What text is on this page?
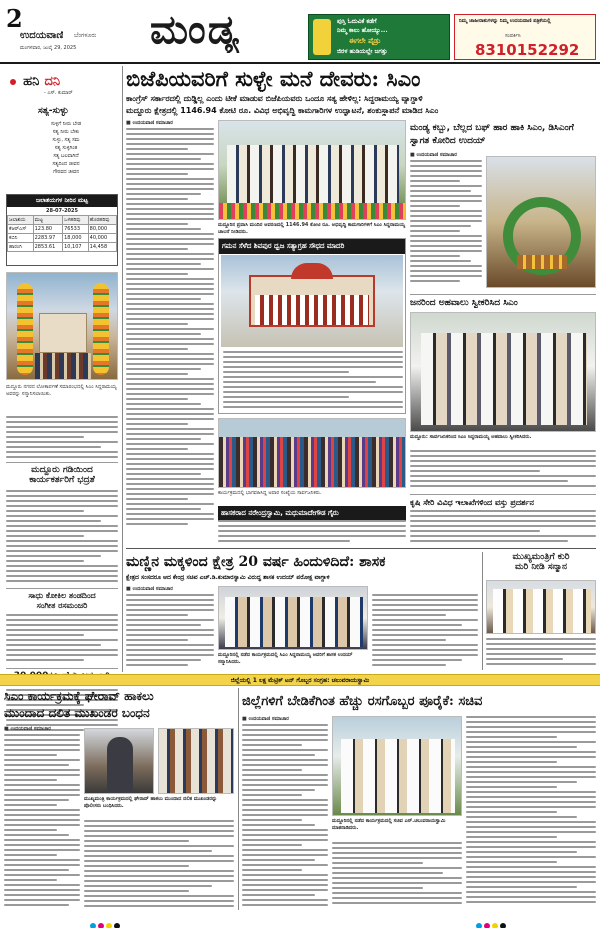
2
ಉದಯವಾಣಿ ಬೆಂಗಳೂರು
ಮಂಗಳವಾರ, ಜುಲೈ 29, 2025 ಮಂಡ್ಯ	ಪುಸ್ತಿ ಓದುವಿಕೆ ಕಡೆಗೆ
ನಿಮ್ಮ ಕಾಲು ಹೋಯ್ಯು...
ಈಗಲೇ ಪೈಡ್ರು
ಜಿರಳ ಹುಡಿಯಲ್ಲೇ ಜಗತ್ತು
ನಿಮ್ಮ ಜಾಹೀರಾತುಗಳನ್ನು ನಿಮ್ಮ ಉದಯವಾಣಿ ಪತ್ರಿಕೆಯಲ್ಲಿ
ಸಂಪರ್ಕಿಸಿ
8310152292
ಹನಿ ದನಿ
- ಎಸ್. ಕುಮಾರ್
ಸತ್ಯ-ಸುಳ್ಳು
ಸುಳ್ಳಿಗೆ ನೀರು ಬೇಡ
ಸತ್ಯ ನೀರು ಬೇಕು
ಸುಳ್ಳು, ಸತ್ಯ ಸಮ
ಸತ್ಯ ಸುಳ್ಳಿಗಿಂತ
ಸತ್ಯ ಬಲವಾಗಿದೆ
ಸತ್ಯದಿಂದ ಜೀವನ
ಗೌರವದ ಜೀವನ
ಜಲಾಶಯಗಳ ನೀರಿನ ಮಟ್ಟ
28-07-2025
ಜಲಾಶಯ	ಮಟ್ಟ	ಒಳಹರಿವು	ಹೊರಹರಿವು
ಕೆಆರ್‌ಎಸ್	123.80	76533	80,000
ಕಬಿನಿ	2283.97	18,000	40,000
ಹಾರಂಗಿ	2853.61	10,107	14,458
ಮದ್ದೂರು ನಗರದ ಲೋಕಾರ್ಪಣೆ ಸಮಾರಂಭದಲ್ಲಿ ಸಿಎಂ ಸಿದ್ದರಾಮಯ್ಯ ಅವರನ್ನು ಸನ್ಮಾನಿಸಲಾಯಿತು.
ಮದ್ದೂರು ಗಡಿಯಿಂದ
ಕಾರ್ಯಕರ್ತರಿಗೆ ಭದ್ರತೆ
ಸಾಧು ಕೋಕಿಲ ತಂಡದಿಂದ
ಸಂಗೀತ ರಸಮಂಜರಿ
ಬಿಜೆಪಿಯವರಿಗೆ ಸುಳ್ಳೇ ಮನೆ ದೇವರು: ಸಿಎಂ
ಕಾಂಗ್ರೆಸ್ ಸರ್ಕಾರದಲ್ಲಿ ದುಡ್ಡಿಲ್ಲ ಎಂದು ಟೀಕೆ ಮಾಡುವ ಬಿಜೆಪಿಯವರು ಒಂದೂ ಸತ್ಯ ಹೇಳಿಲ್ಲ: ಸಿದ್ದರಾಮಯ್ಯ ವ್ಯಾಗ್ದಾಳಿ
ಮದ್ದೂರು ಕ್ಷೇತ್ರದಲ್ಲಿ 1146.94 ಕೋಟಿ ರೂ. ವಿವಿಧ ಅಭಿವೃದ್ಧಿ ಕಾಮಗಾರಿಗಳ ಉದ್ಘಾಟನೆ, ಶಂಕುಸ್ಥಾಪನೆ ಮಾಡಿದ ಸಿಎಂ
■ ಉದಯವಾಣಿ ಸಮಾಚಾರ
ಮದ್ದೂರಿನ ಪ್ರವಾಸಿ ಮಂದಿರ ಆವರಣದಲ್ಲಿ 1146.94 ಕೋಟಿ ರೂ. ಅಭಿವೃದ್ಧಿ ಕಾಮಗಾರಿಗಳಿಗೆ ಸಿಎಂ ಸಿದ್ದರಾಮಯ್ಯ ಚಾಲನೆ ನೀಡಿದರು.
ಗಮನ ಸೆಳೆದ ಶಿವಪುರ ಧ್ವಜ ಸತ್ಯಾಗ್ರಹ ಸೌಧದ ಮಾದರಿ
ಕಾರ್ಯಕ್ರಮದಲ್ಲಿ ಭಾಗವಹಿಸಿದ್ದ ಅಪಾರ ಸಂಖ್ಯೆಯ ಸಾರ್ವಜನಿಕರು.
ಹಾಸಕರಾದ ನರೇಂದ್ರಸ್ವಾಮಿ, ಮಧುಮಾದೇಗೌಡ ಗೈರು
ಮಂಡ್ಯ ಕಬ್ಬು, ಬೆಲ್ಲದ ಬಫ್ ಹಾರ ಹಾಕಿ ಸಿಎಂ, ಡಿಸಿಎಂಗೆ ಸ್ವಾಗತ ಕೋರಿದ ಉದಯ್
■ ಉದಯವಾಣಿ ಸಮಾಚಾರ
ಜನರಿಂದ ಅಹವಾಲು ಸ್ವೀಕರಿಸಿದ ಸಿಎಂ
ಮದ್ದೂರು: ಸಾರ್ವಜನಿಕರಿಂದ ಸಿಎಂ ಸಿದ್ದರಾಮಯ್ಯ ಅಹವಾಲು ಸ್ವೀಕರಿಸಿದರು.
ಕೃಷಿ ಸೇರಿ ವಿವಿಧ ಇಲಾಖೆಗಳಿಂದ ವಸ್ತು ಪ್ರದರ್ಶನ
ಮಣ್ಣಿನ ಮಕ್ಕಳಿಂದ ಕ್ಷೇತ್ರ 20 ವರ್ಷ ಹಿಂದುಳಿದಿದೆ: ಶಾಸಕ
ಕ್ಷೇತ್ರದ ಸಂಸದರೂ ಆದ ಕೇಂದ್ರ ಸಚಿವ ಎಚ್.ಡಿ.ಕುಮಾರಸ್ವಾಮಿ ವಿರುದ್ಧ ಶಾಸಕ ಉದಯ್ ಪರೋಕ್ಷ ವಾಗ್ದಾಳಿ
■ ಉದಯವಾಣಿ ಸಮಾಚಾರ
ಮದ್ದೂರಿನಲ್ಲಿ ನಡೆದ ಕಾರ್ಯಕ್ರಮದಲ್ಲಿ ಸಿಎಂ ಸಿದ್ದರಾಮಯ್ಯ ಅವರಿಗೆ ಶಾಸಕ ಉದಯ್ ಸನ್ಮಾನಿಸಿದರು.
ಮುಖ್ಯಮಂತ್ರಿಗೆ ಕುರಿ
ಮರಿ ನೀಡಿ ಸನ್ಮಾನ
ಜಿಲ್ಲೆಯಲ್ಲಿ 1 ಲಕ್ಷ ಮೆಟ್ರಿಕ್ ಟನ್ ಗೊಬ್ಬರ ಸಂಗ್ರಹ: ಚಲುವರಾಯಸ್ವಾಮಿ
ಸಿಎಂ ಕಾರ್ಯಕ್ರಮಕ್ಕೆ ಘೇರಾವ್ ಹಾಕಲು
ಮುಂದಾದ ದಲಿತ ಮುಖಂಡರ ಬಂಧನ
■ ಉದಯವಾಣಿ ಸಮಾಚಾರ
ಮುಖ್ಯಮಂತ್ರಿ ಕಾರ್ಯಕ್ರಮದಲ್ಲಿ ಘೇರಾವ್ ಹಾಕಲು ಮುಂದಾದ ದಲಿತ ಮುಖಂಡರನ್ನು ಪೊಲೀಸರು ಬಂಧಿಸಿದರು.
ಜಿಲ್ಲೆಗಳಿಗೆ ಬೇಡಿಕೆಗಿಂತ ಹೆಚ್ಚು ರಸಗೊಬ್ಬರ ಪೂರೈಕೆ: ಸಚಿವ
■ ಉದಯವಾಣಿ ಸಮಾಚಾರ
ಮದ್ದೂರಿನಲ್ಲಿ ನಡೆದ ಕಾರ್ಯಕ್ರಮದಲ್ಲಿ ಸಚಿವ ಎನ್.ಚಲುವರಾಯಸ್ವಾಮಿ ಮಾತನಾಡಿದರು.
